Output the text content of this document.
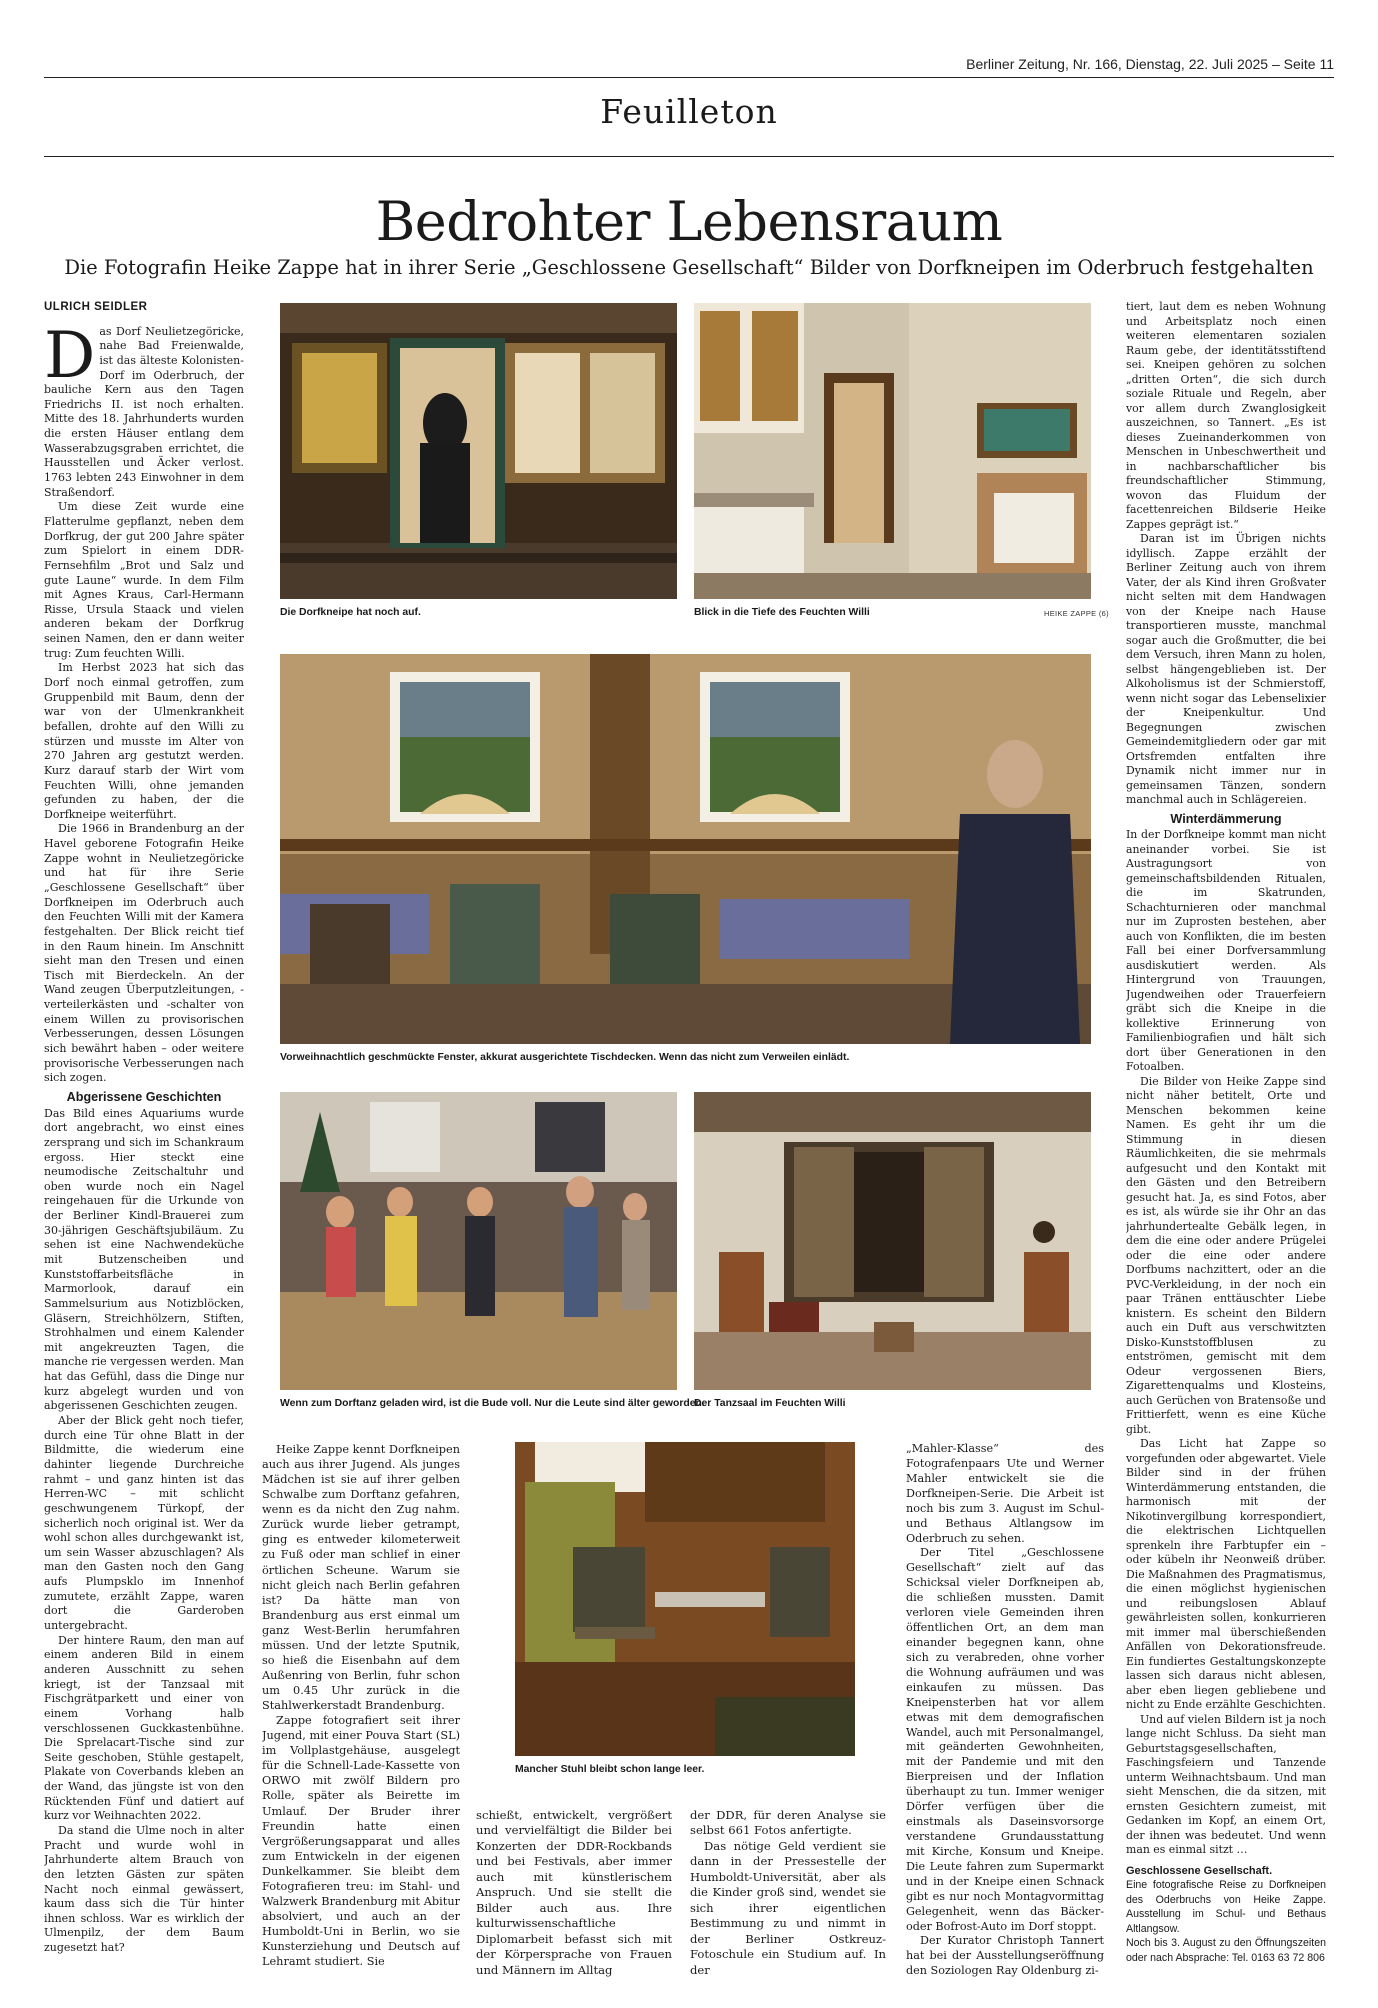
Berliner Zeitung, Nr. 166, Dienstag, 22. Juli 2025 – Seite 11
Feuilleton
Bedrohter Lebensraum
Die Fotografin Heike Zappe hat in ihrer Serie „Geschlossene Gesellschaft“ Bilder von Dorfkneipen im Oderbruch festgehalten
ULRICH SEIDLER

Das Dorf Neulietzegöricke, nahe Bad Freienwalde, ist das älteste Kolonisten-Dorf im Oderbruch, der bauliche Kern aus den Tagen Friedrichs II. ist noch erhalten. Mitte des 18. Jahrhunderts wurden die ersten Häuser entlang dem Wasserabzugsgraben errichtet, die Hausstellen und Äcker verlost. 1763 lebten 243 Einwohner in dem Straßendorf.

Um diese Zeit wurde eine Flatterulme gepflanzt, neben dem Dorfkrug, der gut 200 Jahre später zum Spielort in einem DDR-Fernsehfilm „Brot und Salz und gute Laune“ wurde. In dem Film mit Agnes Kraus, Carl-Hermann Risse, Ursula Staack und vielen anderen bekam der Dorfkrug seinen Namen, den er dann weiter trug: Zum feuchten Willi.

Im Herbst 2023 hat sich das Dorf noch einmal getroffen, zum Gruppenbild mit Baum, denn der war von der Ulmenkrankheit befallen, drohte auf den Willi zu stürzen und musste im Alter von 270 Jahren arg gestutzt werden. Kurz darauf starb der Wirt vom Feuchten Willi, ohne jemanden gefunden zu haben, der die Dorfkneipe weiterführt.

Die 1966 in Brandenburg an der Havel geborene Fotografin Heike Zappe wohnt in Neulietzegöricke und hat für ihre Serie „Geschlossene Gesellschaft“ über Dorfkneipen im Oderbruch auch den Feuchten Willi mit der Kamera festgehalten. Der Blick reicht tief in den Raum hinein. Im Anschnitt sieht man den Tresen und einen Tisch mit Bierdeckeln. An der Wand zeugen Überputzleitungen, -verteilerkästen und -schalter von einem Willen zu provisorischen Verbesserungen, dessen Lösungen sich bewährt haben – oder weitere provisorische Verbesserungen nach sich zogen.

Abgerissene Geschichten

Das Bild eines Aquariums wurde dort angebracht, wo einst eines zersprang und sich im Schankraum ergoss. Hier steckt eine neumodische Zeitschaltuhr und oben wurde noch ein Nagel reingehauen für die Urkunde von der Berliner Kindl-Brauerei zum 30-jährigen Geschäftsjubiläum. Zu sehen ist eine Nachwendeküche mit Butzenscheiben und Kunststoffarbeitsfläche in Marmorlook, darauf ein Sammelsurium aus Notizblöcken, Gläsern, Streichhölzern, Stiften, Strohhalmen und einem Kalender mit angekreuzten Tagen, die manche rie vergessen werden. Man hat das Gefühl, dass die Dinge nur kurz abgelegt wurden und von abgerissenen Geschichten zeugen.

Aber der Blick geht noch tiefer, durch eine Tür ohne Blatt in der Bildmitte, die wiederum eine dahinter liegende Durchreiche rahmt – und ganz hinten ist das Herren-WC – mit schlicht geschwungenem Türkopf, der sicherlich noch original ist. Wer da wohl schon alles durchgewankt ist, um sein Wasser abzuschlagen? Als man den Gasten noch den Gang aufs Plumpsklo im Innenhof zumutete, erzählt Zappe, waren dort die Garderoben untergebracht.

Der hintere Raum, den man auf einem anderen Bild in einem anderen Ausschnitt zu sehen kriegt, ist der Tanzsaal mit Fischgrätparkett und einer von einem Vorhang halb verschlossenen Guckkastenbühne. Die Sprelacart-Tische sind zur Seite geschoben, Stühle gestapelt, Plakate von Coverbands kleben an der Wand, das jüngste ist von den Rücktenden Fünf und datiert auf kurz vor Weihnachten 2022.

Da stand die Ulme noch in alter Pracht und wurde wohl in Jahrhunderte altem Brauch von den letzten Gästen zur späten Nacht noch einmal gewässert, kaum dass sich die Tür hinter ihnen schloss. War es wirklich der Ulmenpilz, der dem Baum zugesetzt hat?

Die Dorfkneipe hat noch auf.	Blick in die Tiefe des Feuchten Willi	HEIKE ZAPPE (6)
Vorweihnachtlich geschmückte Fenster, akkurat ausgerichtete Tischdecken. Wenn das nicht zum Verweilen einlädt.
Wenn zum Dorftanz geladen wird, ist die Bude voll. Nur die Leute sind älter geworden.
Der Tanzsaal im Feuchten Willi
Mancher Stuhl bleibt schon lange leer.

Heike Zappe kennt Dorfkneipen auch aus ihrer Jugend. Als junges Mädchen ist sie auf ihrer gelben Schwalbe zum Dorftanz gefahren, wenn es da nicht den Zug nahm. Zurück wurde lieber getrampt, ging es entweder kilometerweit zu Fuß oder man schlief in einer örtlichen Scheune. Warum sie nicht gleich nach Berlin gefahren ist? Da hätte man von Brandenburg aus erst einmal um ganz West-Berlin herumfahren müssen. Und der letzte Sputnik, so hieß die Eisenbahn auf dem Außenring von Berlin, fuhr schon um 0.45 Uhr zurück in die Stahlwerkerstadt Brandenburg.

Zappe fotografiert seit ihrer Jugend, mit einer Pouva Start (SL) im Vollplastgehäuse, ausgelegt für die Schnell-Lade-Kassette von ORWO mit zwölf Bildern pro Rolle, später als Beirette im Umlauf. Der Bruder ihrer Freundin hatte einen Vergrößerungsapparat und alles zum Entwickeln in der eigenen Dunkelkammer. Sie bleibt dem Fotografieren treu: im Stahl- und Walzwerk Brandenburg mit Abitur absolviert, und auch an der Humboldt-Uni in Berlin, wo sie Kunsterziehung und Deutsch auf Lehramt studiert. Sie

schießt, entwickelt, vergrößert und vervielfältigt die Bilder bei Konzerten der DDR-Rockbands und bei Festivals, aber immer auch mit künstlerischem Anspruch. Und sie stellt die Bilder auch aus. Ihre kulturwissenschaftliche Diplomarbeit befasst sich mit der Körpersprache von Frauen und Männern im Alltag

der DDR, für deren Analyse sie selbst 661 Fotos anfertigte.

Das nötige Geld verdient sie dann in der Pressestelle der Humboldt-Universität, aber als die Kinder groß sind, wendet sie sich ihrer eigentlichen Bestimmung zu und nimmt in der Berliner Ostkreuz-Fotoschule ein Studium auf. In der

„Mahler-Klasse“ des Fotografenpaars Ute und Werner Mahler entwickelt sie die Dorfkneipen-Serie. Die Arbeit ist noch bis zum 3. August im Schul- und Bethaus Altlangsow im Oderbruch zu sehen.

Der Titel „Geschlossene Gesellschaft“ zielt auf das Schicksal vieler Dorfkneipen ab, die schließen mussten. Damit verloren viele Gemeinden ihren öffentlichen Ort, an dem man einander begegnen kann, ohne sich zu verabreden, ohne vorher die Wohnung aufräumen und was einkaufen zu müssen. Das Kneipensterben hat vor allem etwas mit dem demografischen Wandel, auch mit Personalmangel, mit geänderten Gewohnheiten, mit der Pandemie und mit den Bierpreisen und der Inflation überhaupt zu tun. Immer weniger Dörfer verfügen über die einstmals als Daseinsvorsorge verstandene Grundausstattung mit Kirche, Konsum und Kneipe. Die Leute fahren zum Supermarkt und in der Kneipe einen Schnack gibt es nur noch Montagvormittag Gelegenheit, wenn das Bäcker- oder Bofrost-Auto im Dorf stoppt.

Der Kurator Christoph Tannert hat bei der Ausstellungseröffnung den Soziologen Ray Oldenburg zi-

tiert, laut dem es neben Wohnung und Arbeitsplatz noch einen weiteren elementaren sozialen Raum gebe, der identitätsstiftend sei. Kneipen gehören zu solchen „dritten Orten“, die sich durch soziale Rituale und Regeln, aber vor allem durch Zwanglosigkeit auszeichnen, so Tannert. „Es ist dieses Zueinanderkommen von Menschen in Unbeschwertheit und in nachbarschaftlicher bis freundschaftlicher Stimmung, wovon das Fluidum der facettenreichen Bildserie Heike Zappes geprägt ist.“

Daran ist im Übrigen nichts idyllisch. Zappe erzählt der Berliner Zeitung auch von ihrem Vater, der als Kind ihren Großvater nicht selten mit dem Handwagen von der Kneipe nach Hause transportieren musste, manchmal sogar auch die Großmutter, die bei dem Versuch, ihren Mann zu holen, selbst hängengeblieben ist. Der Alkoholismus ist der Schmierstoff, wenn nicht sogar das Lebenselixier der Kneipenkultur. Und Begegnungen zwischen Gemeindemitgliedern oder gar mit Ortsfremden entfalten ihre Dynamik nicht immer nur in gemeinsamen Tänzen, sondern manchmal auch in Schlägereien.

Winterdämmerung

In der Dorfkneipe kommt man nicht aneinander vorbei. Sie ist Austragungsort von gemeinschaftsbildenden Ritualen, die im Skatrunden, Schachturnieren oder manchmal nur im Zuprosten bestehen, aber auch von Konflikten, die im besten Fall bei einer Dorfversammlung ausdiskutiert werden. Als Hintergrund von Trauungen, Jugendweihen oder Trauerfeiern gräbt sich die Kneipe in die kollektive Erinnerung von Familienbiografien und hält sich dort über Generationen in den Fotoalben.

Die Bilder von Heike Zappe sind nicht näher betitelt, Orte und Menschen bekommen keine Namen. Es geht ihr um die Stimmung in diesen Räumlichkeiten, die sie mehrmals aufgesucht und den Kontakt mit den Gästen und den Betreibern gesucht hat. Ja, es sind Fotos, aber es ist, als würde sie ihr Ohr an das jahrhundertealte Gebälk legen, in dem die eine oder andere Prügelei oder die eine oder andere Dorfbums nachzittert, oder an die PVC-Verkleidung, in der noch ein paar Tränen enttäuschter Liebe knistern. Es scheint den Bildern auch ein Duft aus verschwitzten Disko-Kunststoffblusen zu entströmen, gemischt mit dem Odeur vergossenen Biers, Zigarettenqualms und Klosteins, auch Gerüchen von Bratensoße und Frittierfett, wenn es eine Küche gibt.

Das Licht hat Zappe so vorgefunden oder abgewartet. Viele Bilder sind in der frühen Winterdämmerung entstanden, die harmonisch mit der Nikotinvergilbung korrespondiert, die elektrischen Lichtquellen sprenkeln ihre Farbtupfer ein – oder kübeln ihr Neonweiß drüber. Die Maßnahmen des Pragmatismus, die einen möglichst hygienischen und reibungslosen Ablauf gewährleisten sollen, konkurrieren mit immer mal überschießenden Anfällen von Dekorationsfreude. Ein fundiertes Gestaltungskonzepte lassen sich daraus nicht ablesen, aber eben liegen gebliebene und nicht zu Ende erzählte Geschichten.

Und auf vielen Bildern ist ja noch lange nicht Schluss. Da sieht man Geburtstagsgesellschaften, Faschingsfeiern und Tanzende unterm Weihnachtsbaum. Und man sieht Menschen, die da sitzen, mit ernsten Gesichtern zumeist, mit Gedanken im Kopf, an einem Ort, der ihnen was bedeutet. Und wenn man es einmal sitzt …

Geschlossene Gesellschaft.
Eine fotografische Reise zu Dorfkneipen des Oderbruchs von Heike Zappe. Ausstellung im Schul- und Bethaus Altlangsow.
Noch bis 3. August zu den Öffnungszeiten oder nach Absprache: Tel. 0163 63 72 806
